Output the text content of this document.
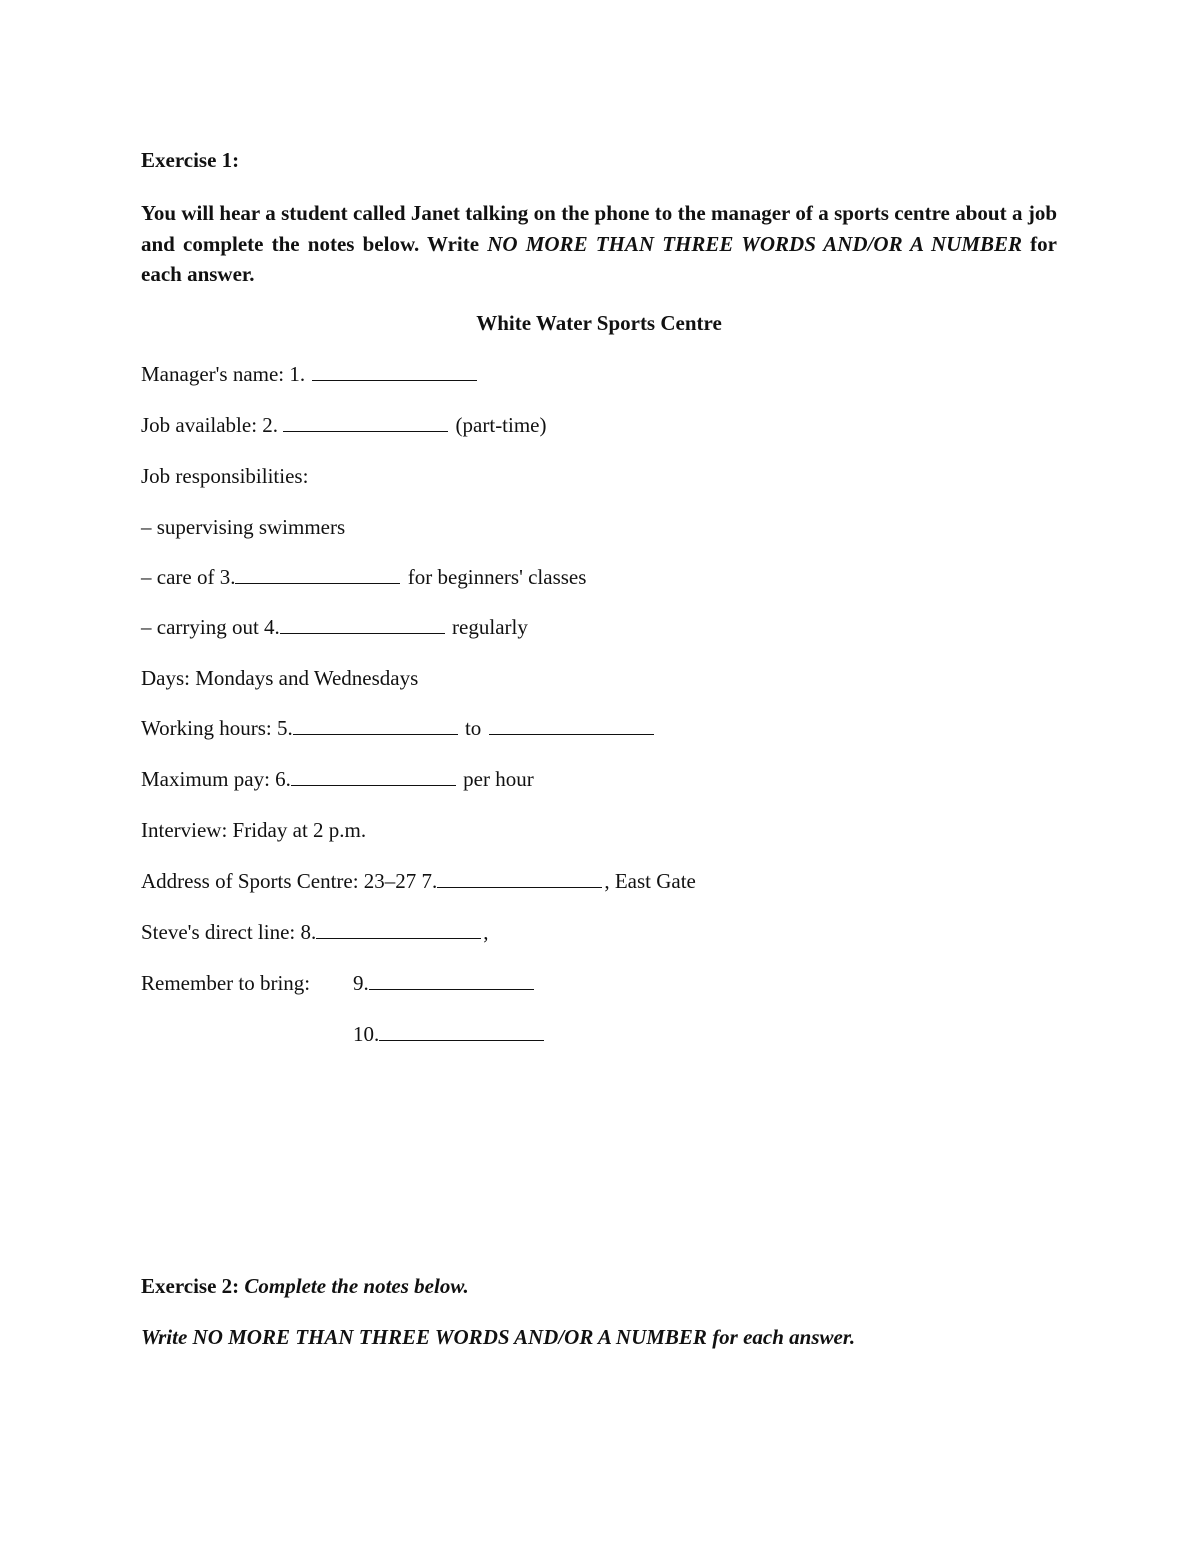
Exercise 1:
You will hear a student called Janet talking on the phone to the manager of a sports centre about a job and complete the notes below. Write NO MORE THAN THREE WORDS AND/OR A NUMBER for each answer.
White Water Sports Centre
Manager's name: 1.
Job available: 2.	(part-time)
Job responsibilities:
– supervising swimmers
– care of 3.	for beginners' classes
– carrying out 4.	regularly
Days: Mondays and Wednesdays
Working hours: 5.	to
Maximum pay: 6.	per hour
Interview: Friday at 2 p.m.
Address of Sports Centre: 23–27 7.	, East Gate
Steve's direct line: 8.	,
Remember to bring: 9.
10.
Exercise 2: Complete the notes below.
Write NO MORE THAN THREE WORDS AND/OR A NUMBER for each answer.
